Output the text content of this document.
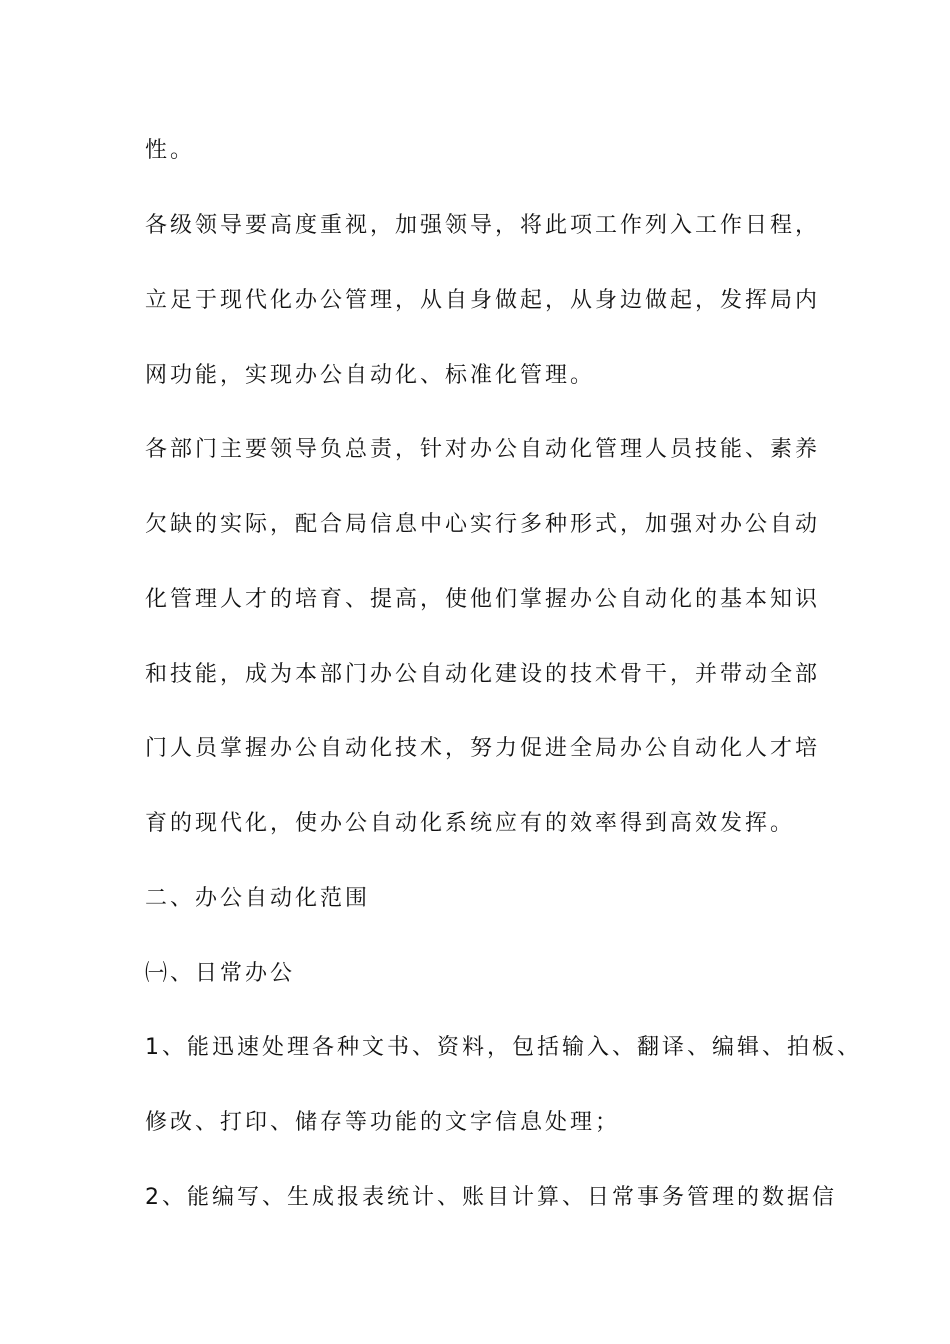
性。
各级领导要高度重视，加强领导，将此项工作列入工作日程，
立足于现代化办公管理，从自身做起，从身边做起，发挥局内
网功能，实现办公自动化、标准化管理。
各部门主要领导负总责，针对办公自动化管理人员技能、素养
欠缺的实际，配合局信息中心实行多种形式，加强对办公自动
化管理人才的培育、提高，使他们掌握办公自动化的基本知识
和技能，成为本部门办公自动化建设的技术骨干，并带动全部
门人员掌握办公自动化技术，努力促进全局办公自动化人才培
育的现代化，使办公自动化系统应有的效率得到高效发挥。
二、办公自动化范围
㈠、日常办公
1、能迅速处理各种文书、资料，包括输入、翻译、编辑、拍板、
修改、打印、储存等功能的文字信息处理；
2、能编写、生成报表统计、账目计算、日常事务管理的数据信
